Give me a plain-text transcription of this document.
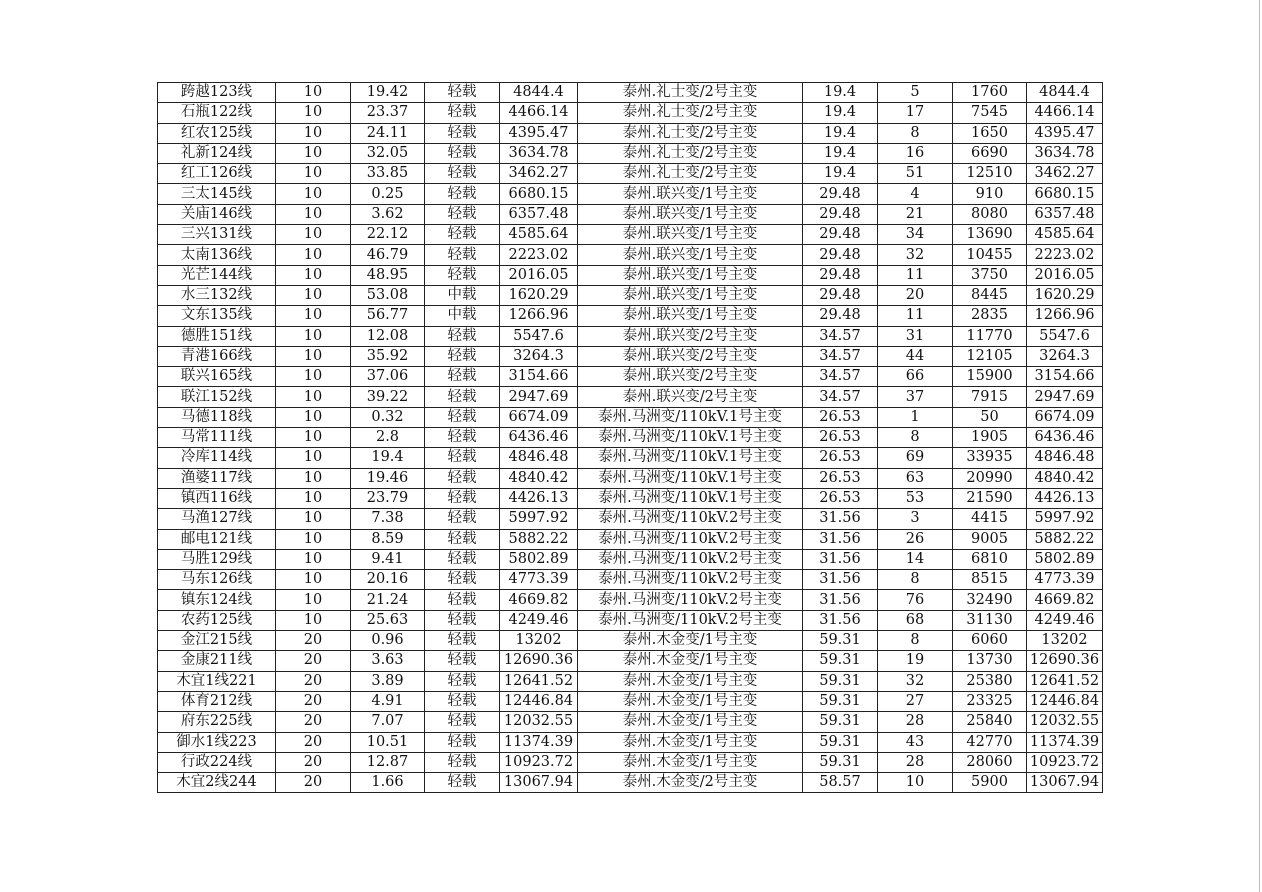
跨越123线	10	19.42	轻载	4844.4	泰州.礼士变/2号主变	19.4	5	1760	4844.4
石瓶122线	10	23.37	轻载	4466.14	泰州.礼士变/2号主变	19.4	17	7545	4466.14
红农125线	10	24.11	轻载	4395.47	泰州.礼士变/2号主变	19.4	8	1650	4395.47
礼新124线	10	32.05	轻载	3634.78	泰州.礼士变/2号主变	19.4	16	6690	3634.78
红工126线	10	33.85	轻载	3462.27	泰州.礼士变/2号主变	19.4	51	12510	3462.27
三太145线	10	0.25	轻载	6680.15	泰州.联兴变/1号主变	29.48	4	910	6680.15
关庙146线	10	3.62	轻载	6357.48	泰州.联兴变/1号主变	29.48	21	8080	6357.48
三兴131线	10	22.12	轻载	4585.64	泰州.联兴变/1号主变	29.48	34	13690	4585.64
太南136线	10	46.79	轻载	2223.02	泰州.联兴变/1号主变	29.48	32	10455	2223.02
光芒144线	10	48.95	轻载	2016.05	泰州.联兴变/1号主变	29.48	11	3750	2016.05
水三132线	10	53.08	中载	1620.29	泰州.联兴变/1号主变	29.48	20	8445	1620.29
文东135线	10	56.77	中载	1266.96	泰州.联兴变/1号主变	29.48	11	2835	1266.96
德胜151线	10	12.08	轻载	5547.6	泰州.联兴变/2号主变	34.57	31	11770	5547.6
青港166线	10	35.92	轻载	3264.3	泰州.联兴变/2号主变	34.57	44	12105	3264.3
联兴165线	10	37.06	轻载	3154.66	泰州.联兴变/2号主变	34.57	66	15900	3154.66
联江152线	10	39.22	轻载	2947.69	泰州.联兴变/2号主变	34.57	37	7915	2947.69
马德118线	10	0.32	轻载	6674.09	泰州.马洲变/110kV.1号主变	26.53	1	50	6674.09
马常111线	10	2.8	轻载	6436.46	泰州.马洲变/110kV.1号主变	26.53	8	1905	6436.46
冷库114线	10	19.4	轻载	4846.48	泰州.马洲变/110kV.1号主变	26.53	69	33935	4846.48
渔婆117线	10	19.46	轻载	4840.42	泰州.马洲变/110kV.1号主变	26.53	63	20990	4840.42
镇西116线	10	23.79	轻载	4426.13	泰州.马洲变/110kV.1号主变	26.53	53	21590	4426.13
马渔127线	10	7.38	轻载	5997.92	泰州.马洲变/110kV.2号主变	31.56	3	4415	5997.92
邮电121线	10	8.59	轻载	5882.22	泰州.马洲变/110kV.2号主变	31.56	26	9005	5882.22
马胜129线	10	9.41	轻载	5802.89	泰州.马洲变/110kV.2号主变	31.56	14	6810	5802.89
马东126线	10	20.16	轻载	4773.39	泰州.马洲变/110kV.2号主变	31.56	8	8515	4773.39
镇东124线	10	21.24	轻载	4669.82	泰州.马洲变/110kV.2号主变	31.56	76	32490	4669.82
农药125线	10	25.63	轻载	4249.46	泰州.马洲变/110kV.2号主变	31.56	68	31130	4249.46
金江215线	20	0.96	轻载	13202	泰州.木金变/1号主变	59.31	8	6060	13202
金康211线	20	3.63	轻载	12690.36	泰州.木金变/1号主变	59.31	19	13730	12690.36
木宜1线221	20	3.89	轻载	12641.52	泰州.木金变/1号主变	59.31	32	25380	12641.52
体育212线	20	4.91	轻载	12446.84	泰州.木金变/1号主变	59.31	27	23325	12446.84
府东225线	20	7.07	轻载	12032.55	泰州.木金变/1号主变	59.31	28	25840	12032.55
御水1线223	20	10.51	轻载	11374.39	泰州.木金变/1号主变	59.31	43	42770	11374.39
行政224线	20	12.87	轻载	10923.72	泰州.木金变/1号主变	59.31	28	28060	10923.72
木宜2线244	20	1.66	轻载	13067.94	泰州.木金变/2号主变	58.57	10	5900	13067.94
